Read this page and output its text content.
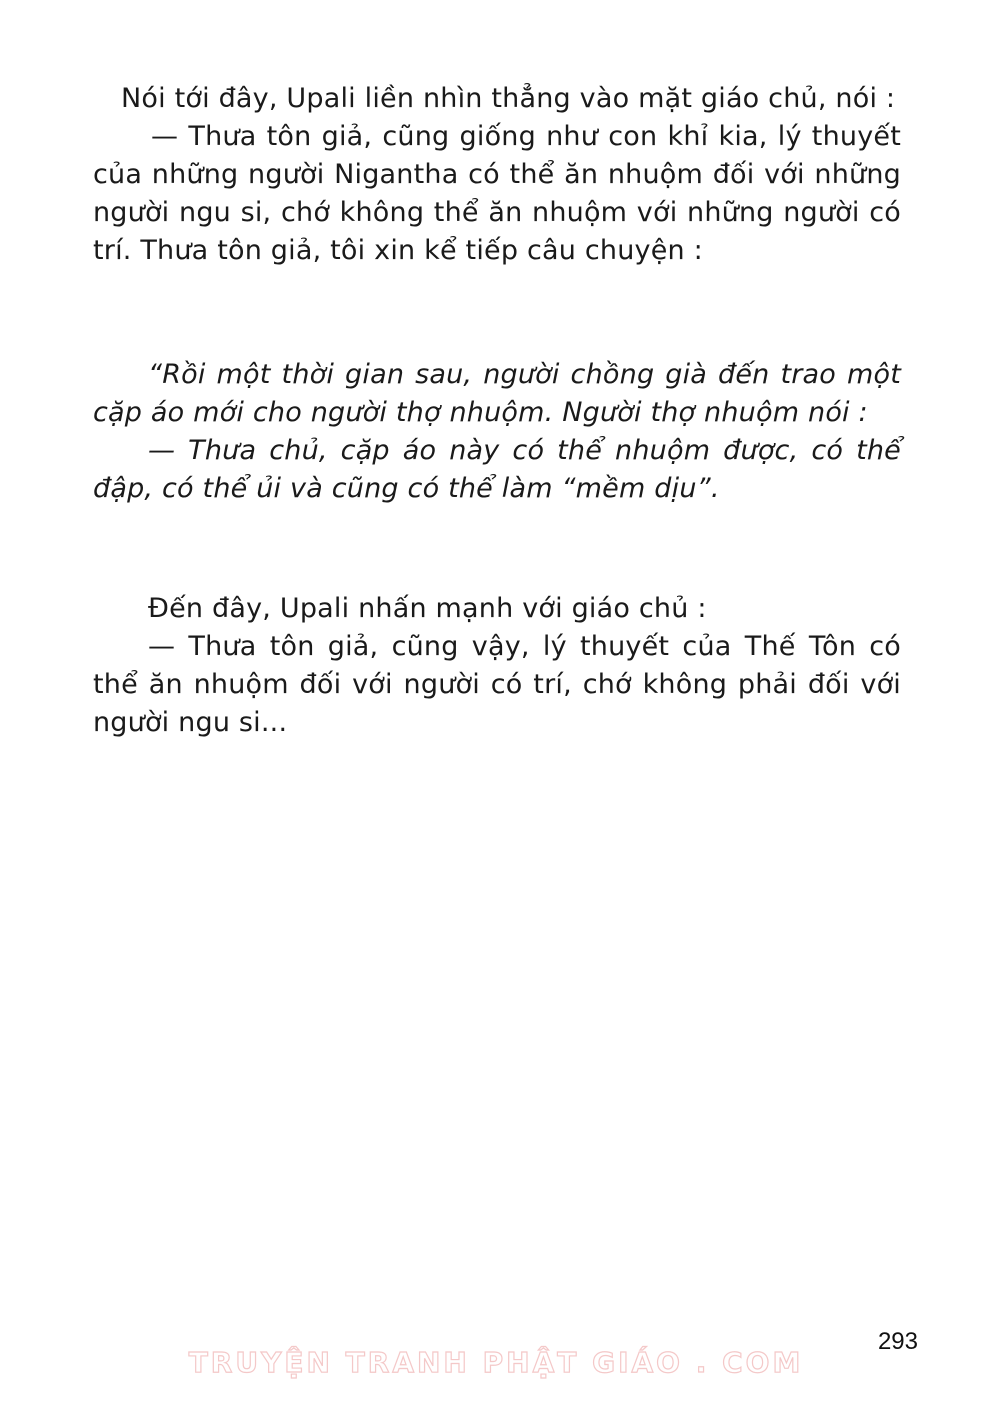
Nói tới đây, Upali liền nhìn thẳng vào mặt giáo chủ, nói :

— Thưa tôn giả, cũng giống như con khỉ kia, lý thuyết của những người Nigantha có thể ăn nhuộm đối với những người ngu si, chớ không thể ăn nhuộm với những người có trí. Thưa tôn giả, tôi xin kể tiếp câu chuyện :

“Rồi một thời gian sau, người chồng già đến trao một cặp áo mới cho người thợ nhuộm. Người thợ nhuộm nói :

— Thưa chủ, cặp áo này có thể nhuộm được, có thể đập, có thể ủi và cũng có thể làm “mềm dịu”.

Đến đây, Upali nhấn mạnh với giáo chủ :

— Thưa tôn giả, cũng vậy, lý thuyết của Thế Tôn có thể ăn nhuộm đối với người có trí, chớ không phải đối với người ngu si...

293
TRUYỆN TRANH PHẬT GIÁO . COM
